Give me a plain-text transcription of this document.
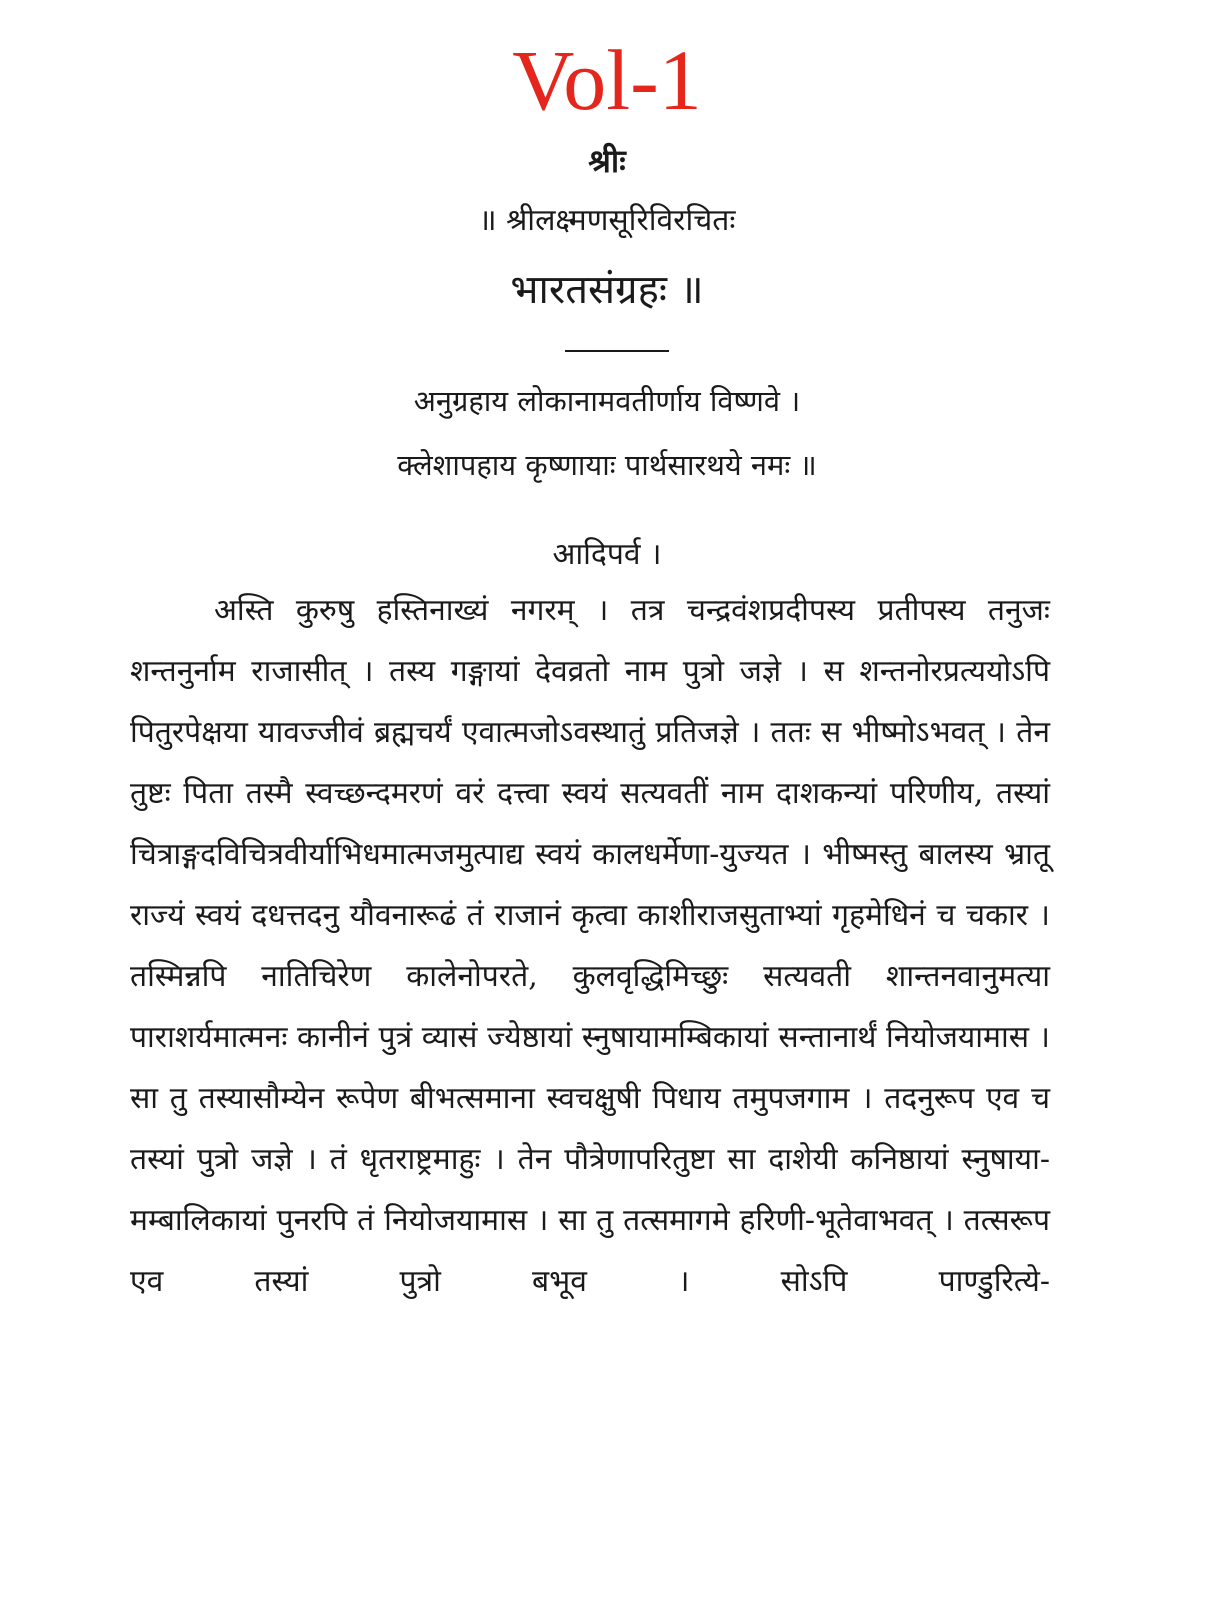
Vol-1
श्रीः
॥ श्रीलक्ष्मणसूरिविरचितः
भारतसंग्रहः ॥
अनुग्रहाय लोकानामवतीर्णाय विष्णवे ।
क्लेशापहाय कृष्णायाः पार्थसारथये नमः ॥
आदिपर्व ।

अस्ति कुरुषु हस्तिनाख्यं नगरम् । तत्र चन्द्रवंशप्रदीपस्य प्रतीपस्य तनुजः शन्तनुर्नाम राजासीत् । तस्य गङ्गायां देवव्रतो नाम पुत्रो जज्ञे । स शन्तनोरप्रत्ययोऽपि पितुरपेक्षया यावज्जीवं ब्रह्मचर्यं एवात्मजोऽवस्थातुं प्रतिजज्ञे । ततः स भीष्मोऽभवत् । तेन तुष्टः पिता तस्मै स्वच्छन्दमरणं वरं दत्त्वा स्वयं सत्यवतीं नाम दाशकन्यां परिणीय, तस्यां चित्राङ्गदविचित्रवीर्याभिधमात्मजमुत्पाद्य स्वयं कालधर्मेणा-युज्यत । भीष्मस्तु बालस्य भ्रातू राज्यं स्वयं दधत्तदनु यौवनारूढं तं राजानं कृत्वा काशीराजसुताभ्यां गृहमेधिनं च चकार । तस्मिन्नपि नातिचिरेण कालेनोपरते, कुलवृद्धिमिच्छुः सत्यवती शान्तनवानुमत्या पाराशर्यमात्मनः कानीनं पुत्रं व्यासं ज्येष्ठायां स्नुषायामम्बिकायां सन्तानार्थं नियोजयामास । सा तु तस्यासौम्येन रूपेण बीभत्समाना स्वचक्षुषी पिधाय तमुपजगाम । तदनुरूप एव च तस्यां पुत्रो जज्ञे । तं धृतराष्ट्रमाहुः । तेन पौत्रेणापरितुष्टा सा दाशेयी कनिष्ठायां स्नुषाया-मम्बालिकायां पुनरपि तं नियोजयामास । सा तु तत्समागमे हरिणी-भूतेवाभवत् । तत्सरूप एव तस्यां पुत्रो बभूव । सोऽपि पाण्डुरित्ये-
